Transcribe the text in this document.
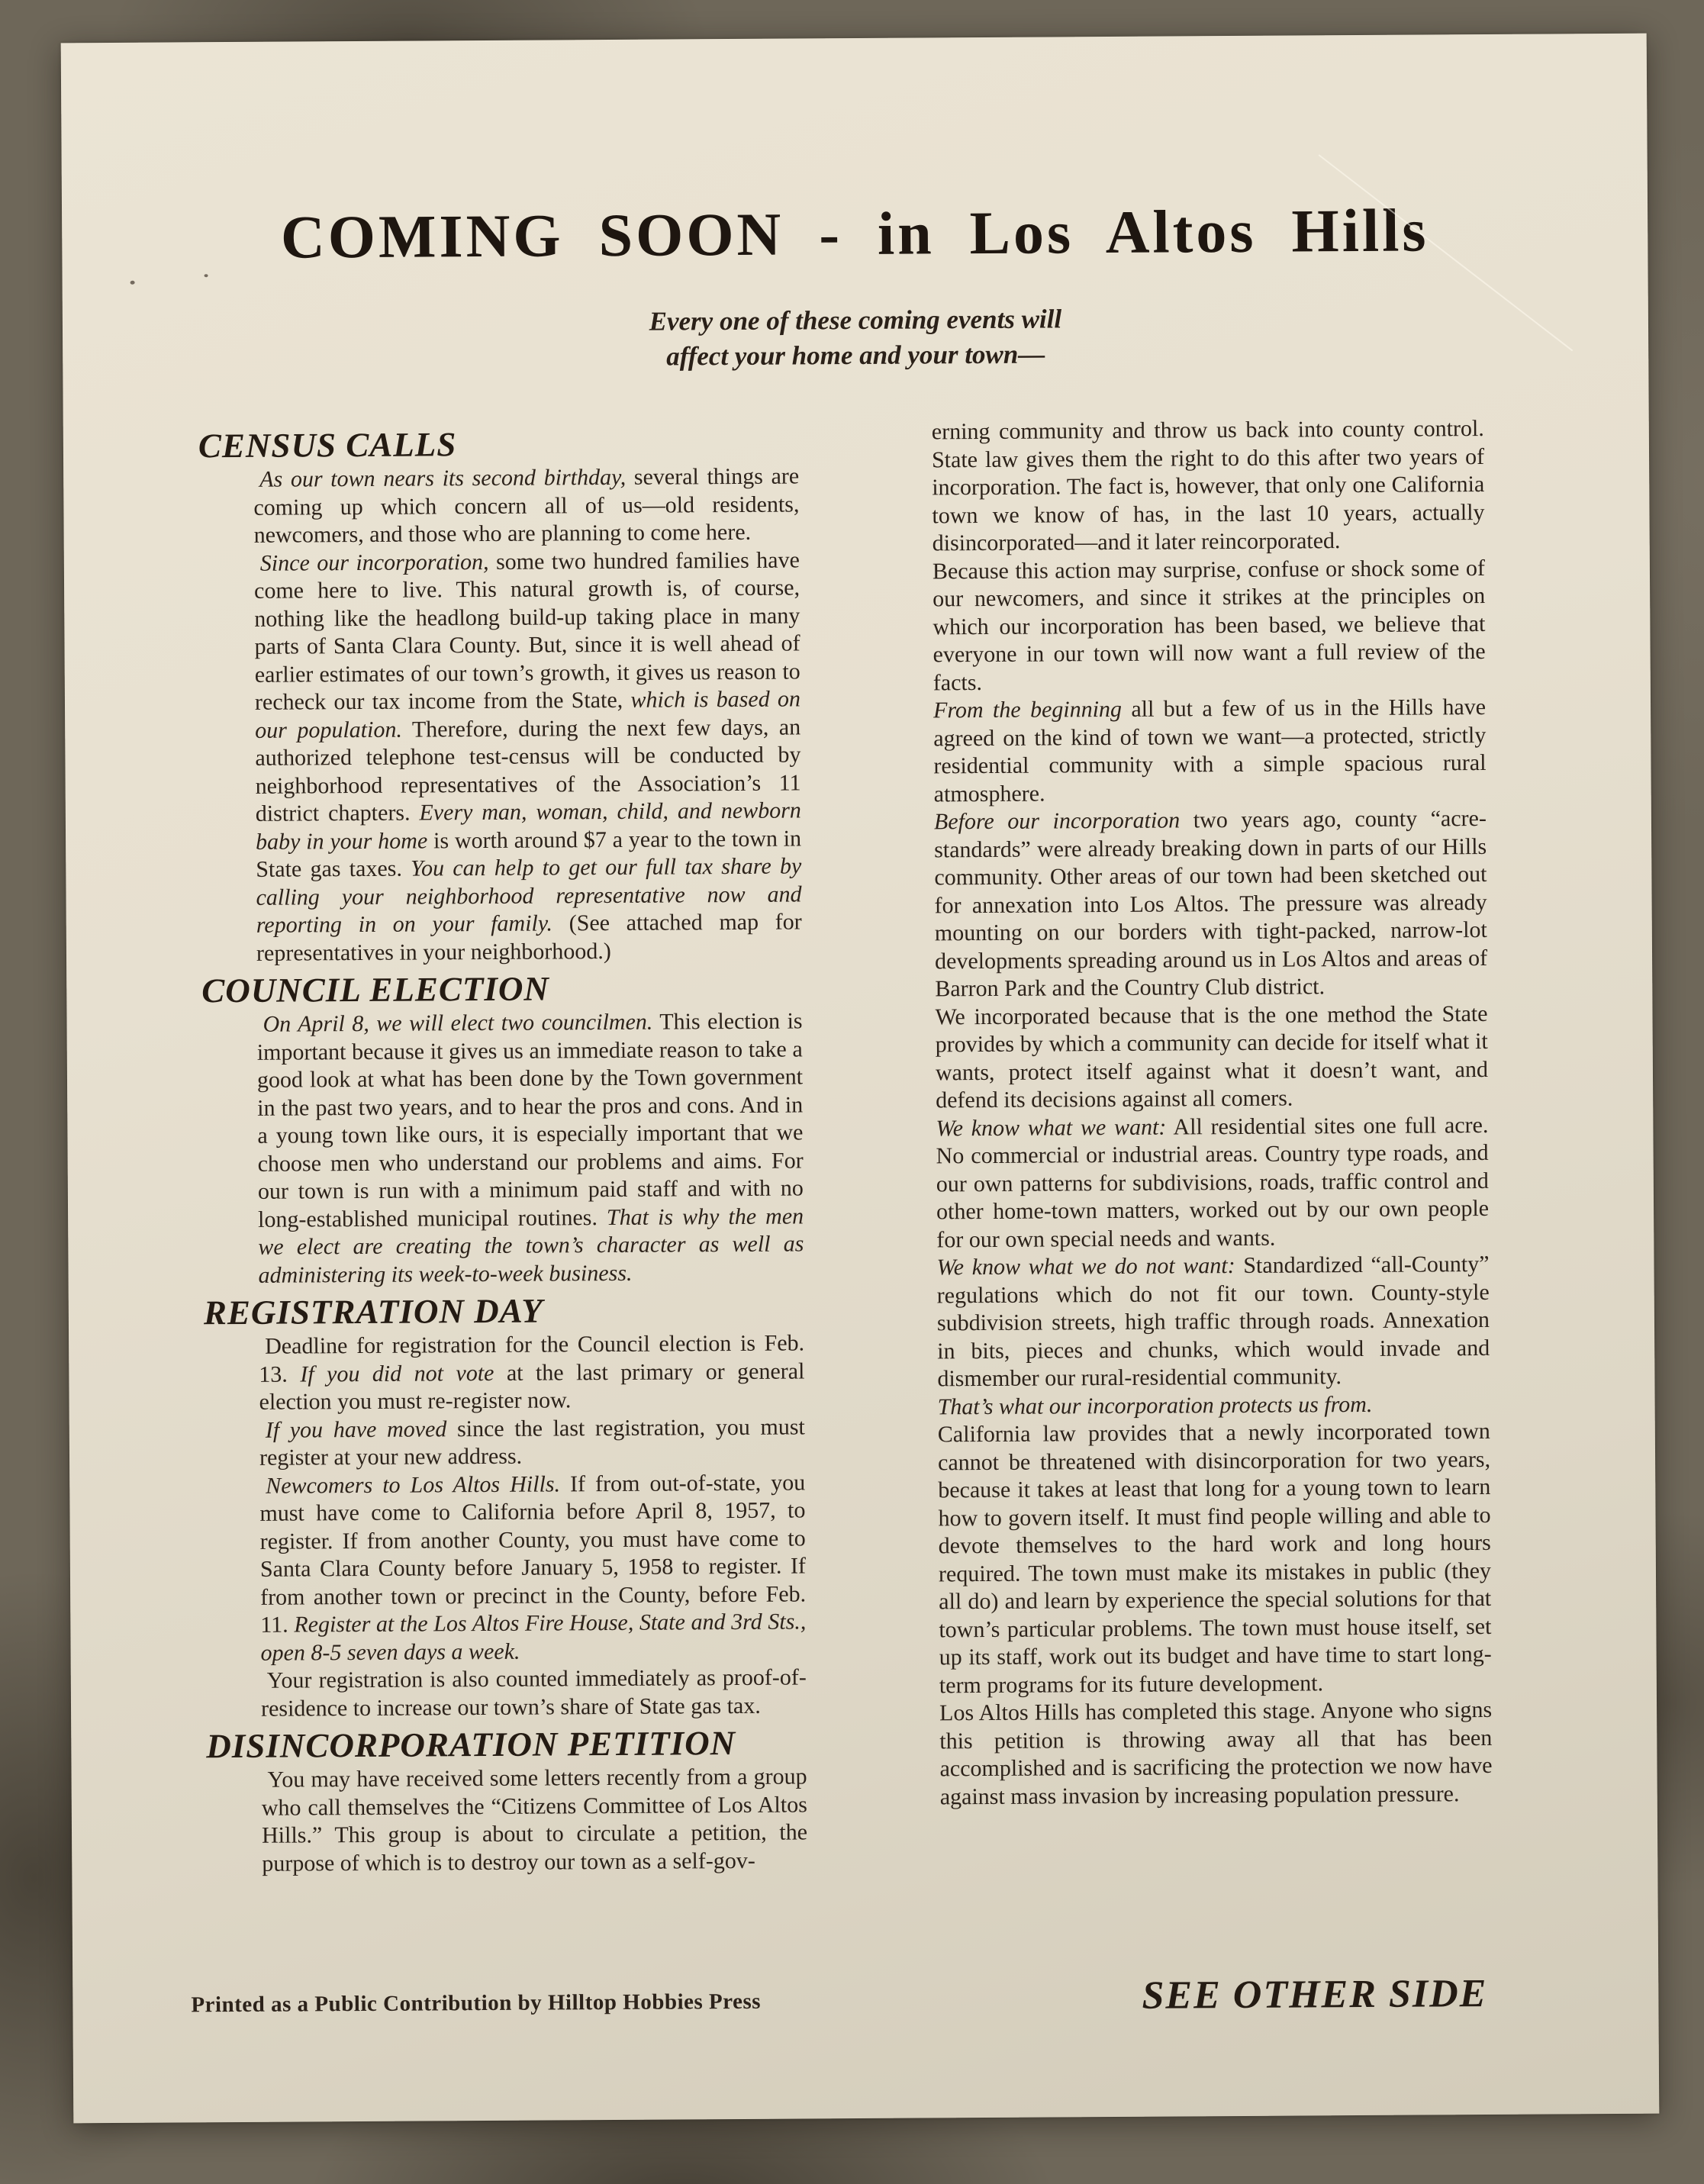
COMING SOON - in Los Altos Hills
Every one of these coming events will
affect your home and your town—
CENSUS CALLS

As our town nears its second birthday, several things are coming up which concern all of us—old residents, newcomers, and those who are planning to come here.

Since our incorporation, some two hundred families have come here to live. This natural growth is, of course, nothing like the headlong build-up taking place in many parts of Santa Clara County. But, since it is well ahead of earlier estimates of our town’s growth, it gives us reason to recheck our tax income from the State, which is based on our population. Therefore, during the next few days, an authorized telephone test-census will be conducted by neighborhood representatives of the Association’s 11 district chapters. Every man, woman, child, and newborn baby in your home is worth around $7 a year to the town in State gas taxes. You can help to get our full tax share by calling your neighborhood representative now and reporting in on your family. (See attached map for representatives in your neighborhood.)

COUNCIL ELECTION

On April 8, we will elect two councilmen. This election is important because it gives us an immediate reason to take a good look at what has been done by the Town government in the past two years, and to hear the pros and cons. And in a young town like ours, it is especially important that we choose men who understand our problems and aims. For our town is run with a minimum paid staff and with no long-established municipal routines. That is why the men we elect are creating the town’s character as well as administering its week-to-week business.

REGISTRATION DAY

Deadline for registration for the Council election is Feb. 13. If you did not vote at the last primary or general election you must re-register now.

If you have moved since the last registration, you must register at your new address.

Newcomers to Los Altos Hills. If from out-of-state, you must have come to California before April 8, 1957, to register. If from another County, you must have come to Santa Clara County before January 5, 1958 to register. If from another town or precinct in the County, before Feb. 11. Register at the Los Altos Fire House, State and 3rd Sts., open 8-5 seven days a week.

Your registration is also counted immediately as proof-of-residence to increase our town’s share of State gas tax.

DISINCORPORATION PETITION

You may have received some letters recently from a group who call themselves the “Citizens Committee of Los Altos Hills.” This group is about to circulate a petition, the purpose of which is to destroy our town as a self-gov-

erning community and throw us back into county control. State law gives them the right to do this after two years of incorporation. The fact is, however, that only one California town we know of has, in the last 10 years, actually disincorporated—and it later reincorporated.

Because this action may surprise, confuse or shock some of our newcomers, and since it strikes at the principles on which our incorporation has been based, we believe that everyone in our town will now want a full review of the facts.

From the beginning all but a few of us in the Hills have agreed on the kind of town we want—a protected, strictly residential community with a simple spacious rural atmosphere.

Before our incorporation two years ago, county “acre-standards” were already breaking down in parts of our Hills community. Other areas of our town had been sketched out for annexation into Los Altos. The pressure was already mounting on our borders with tight-packed, narrow-lot developments spreading around us in Los Altos and areas of Barron Park and the Country Club district.

We incorporated because that is the one method the State provides by which a community can decide for itself what it wants, protect itself against what it doesn’t want, and defend its decisions against all comers.

We know what we want: All residential sites one full acre. No commercial or industrial areas. Country type roads, and our own patterns for subdivisions, roads, traffic control and other home-town matters, worked out by our own people for our own special needs and wants.

We know what we do not want: Standardized “all-County” regulations which do not fit our town. County-style subdivision streets, high traffic through roads. Annexation in bits, pieces and chunks, which would invade and dismember our rural-residential community.

That’s what our incorporation protects us from.

California law provides that a newly incorporated town cannot be threatened with disincorporation for two years, because it takes at least that long for a young town to learn how to govern itself. It must find people willing and able to devote themselves to the hard work and long hours required. The town must make its mistakes in public (they all do) and learn by experience the special solutions for that town’s particular problems. The town must house itself, set up its staff, work out its budget and have time to start long-term programs for its future development.

Los Altos Hills has completed this stage. Anyone who signs this petition is throwing away all that has been accomplished and is sacrificing the protection we now have against mass invasion by increasing population pressure.

Printed as a Public Contribution by Hilltop Hobbies Press	SEE OTHER SIDE
